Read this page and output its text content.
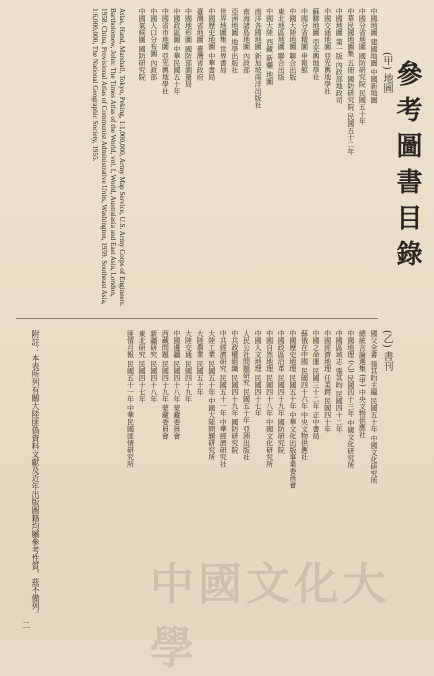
參考圖書目錄
(甲) 地圖
(乙) 書刊
中國地圖 建國地圖 中國新地圖
中國分省地圖 國防研究院 民國五十年
中華民國地圖集 五冊 國防研究院 民國五十二年
中國地圖 第一版 內政部地政司
中國交通地圖 亞光輿地學社
蘇聯地圖 亞光輿地學社
中國分省精圖 申報館
中國大陸地圖 聯合出版
東北地區地圖 聯合出版
中國大陸 西藏 新疆 地圖
南洋各國地圖 新加坡南洋出版社
南海諸島地圖 內政部
亞洲地圖 地學出版社
世界地圖集 世界書局
中國歷史地圖 中華書局
臺灣省地圖 臺灣省政府
中國地形圖 國防部測量局
中國政區圖 中華民國五十年
中國省市地圖 亞光輿地學社
中國人口分布圖 內政部
中國氣候圖 國防研究院
Atlas, Hand, Marshall, Tokyo, Peking, 1:1,000,000, Army Map Service, U.S. Army Corps of Engineers. Bartholomew, John: The Times Atlas of the World, vol. I, World, Australasia and East Asia, London, 1958. China, Provisional Atlas of Communist Administrative Units, Washington, 1959. Southeast Asia, 1:6,000,000, The National Geographic Society, 1955.
國父全書 張其昀主編 民國五十年 中國文化研究所
總統言論選集 (甲) 中央文物供應社
中國地理 (乙) 民國四十三年 中國文化研究所
中國區域志 張其昀 民國四十二年
中國經濟地理 任美鍔 民國四十年
中國之命運 民國三十二年 正中書局
蘇俄在中國 民國四十六年 中央文物供應社
中國歷史地理 民國五十年 中華文化出版事業委員會
中國政區沿革 民國四十九年 國防研究院
中國自然地理 民國四十八年 中國文化研究所
中國人文地理 民國四十七年
人民公社問題研究 民國五十年 亞洲出版社
中共政權組織 民國四十九年 國防研究院
中共經濟研究 民國五十一年 中華經濟研究社
大陸工業 民國五十年 中國大陸問題研究所
大陸農業 民國五十年
大陸交通 民國四十九年
中國邊疆 民國四十八年 蒙藏委員會
西藏問題 民國四十九年 蒙藏委員會
新疆研究 民國四十八年
東北研究 民國四十七年
匪情月報 民國五十一年 中華民國匪情研究所
附註：本表所列有關大陸匪偽資料文獻及近年出版圖籍均屬參考性質，茲不備列。	中國文化大學
二
